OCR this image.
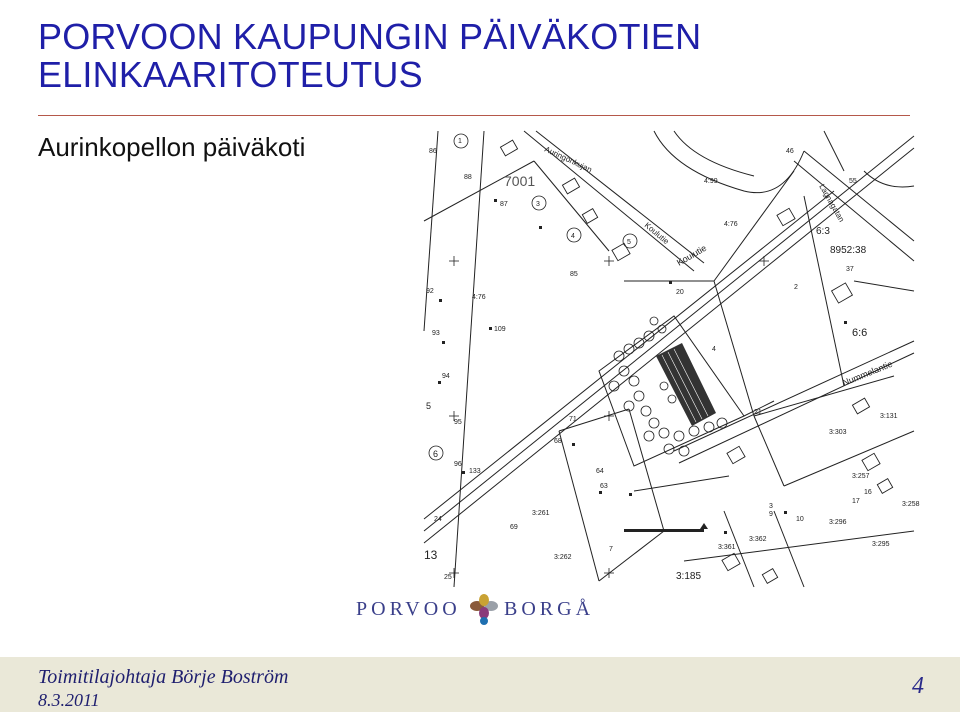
PORVOON KAUPUNGIN PÄIVÄKOTIEN
ELINKAARITOTEUTUS
Aurinkopellon päiväkoti	1
3
4
5
7001
Auringonkujan
Koulutie
Koulutie
Nummelantie
Lagnagatan
4:76
4:99
4:76
6:3
6:6
8952:38
3:131
3:303
3:296
3:295
3:185
3:261
3:262
3:361
3:362
3:257
3:258
92
93
94
95
96
24
25
109
133
13
6
5
86
88
87
85
20
71
7
16
17
21
9
10
3
2
4
63
64
68
69
55
46
37
PORVOO BORGÅ
Toimitilajohtaja Börje Boström
8.3.2011
4
